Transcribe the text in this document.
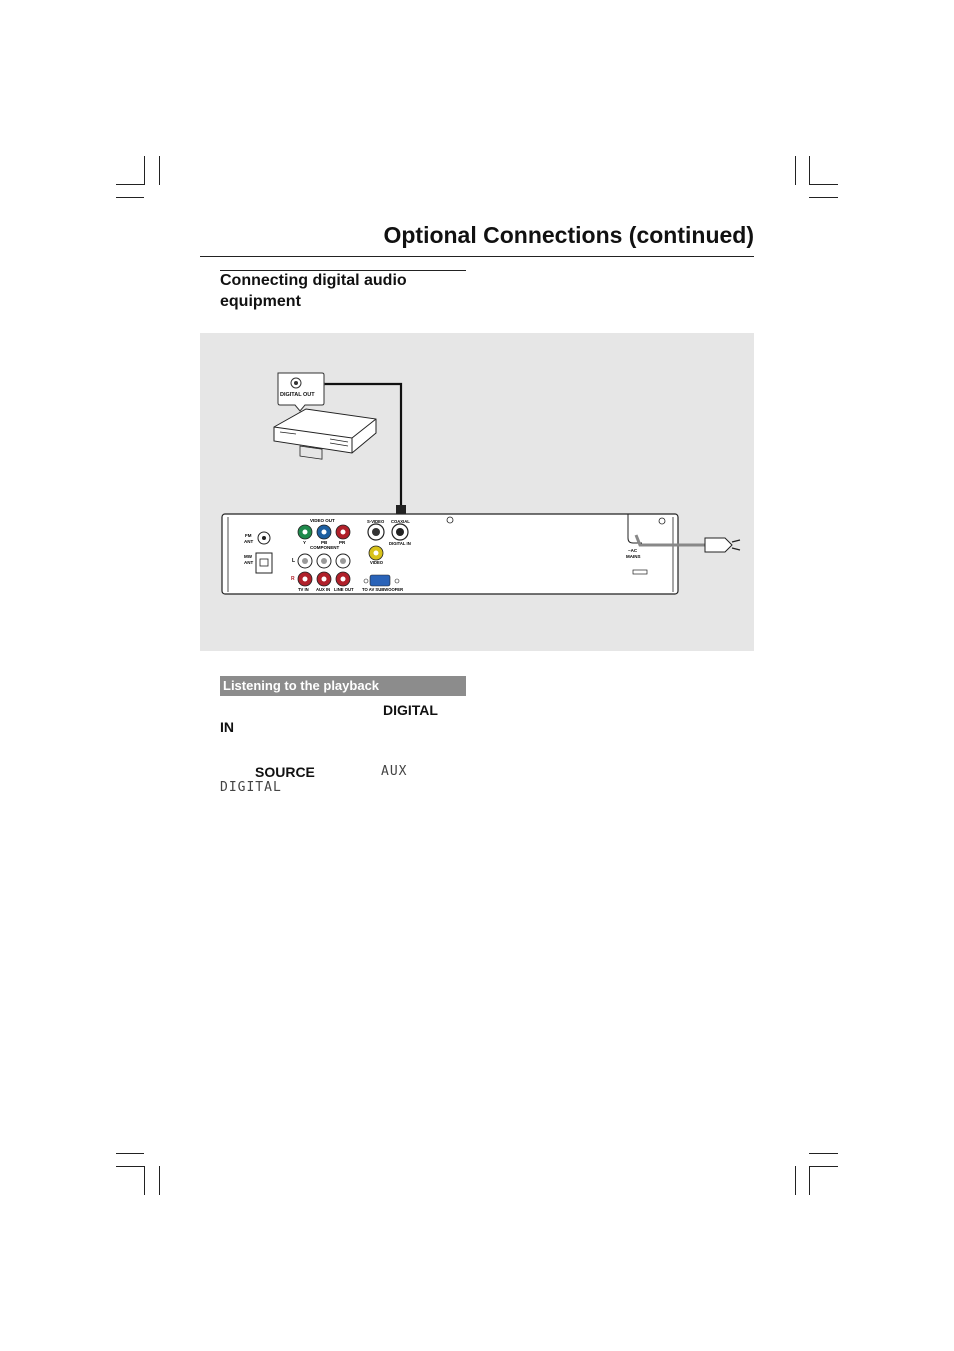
Optional Connections (continued)
Connecting digital audio equipment
DIGITAL OUT
FM
ANT
MW
ANT
VIDEO OUT
Y	PB	PR
COMPONENT
L
R
TV IN AUX IN LINE OUT
S-VIDEO COAXIAL
DIGITAL IN
VIDEO
TO AV SUBWOOFER
~AC
MAINS
Listening to the playback
DIGITAL
IN
SOURCE	AUX
DIGITAL
